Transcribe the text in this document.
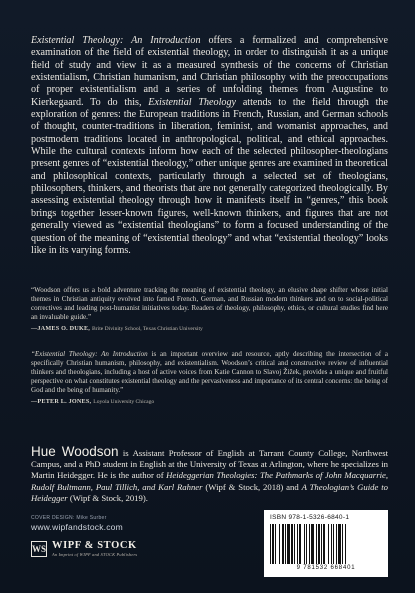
Existential Theology: An Introduction offers a formalized and comprehensive examination of the field of existential theology, in order to distinguish it as a unique field of study and view it as a measured synthesis of the concerns of Christian existentialism, Christian humanism, and Christian philosophy with the preoccupations of proper existentialism and a series of unfolding themes from Augustine to Kierkegaard. To do this, Existential Theology attends to the field through the exploration of genres: the European traditions in French, Russian, and German schools of thought, counter-traditions in liberation, feminist, and womanist approaches, and postmodern traditions located in anthropological, political, and ethical approaches. While the cultural contexts inform how each of the selected philosopher-theologians present genres of “existential theology,” other unique genres are examined in theoretical and philosophical contexts, particularly through a selected set of theologians, philosophers, thinkers, and theorists that are not generally categorized theologically. By assessing existential theology through how it manifests itself in “genres,” this book brings together lesser-known figures, well-known thinkers, and figures that are not generally viewed as “existential theologians” to form a focused understanding of the question of the meaning of “existential theology” and what “existential theology” looks like in its varying forms.

“Woodson offers us a bold adventure tracking the meaning of existential theology, an elusive shape shifter whose initial themes in Christian antiquity evolved into famed French, German, and Russian modern thinkers and on to social-political correctives and leading post-humanist initiatives today. Readers of theology, philosophy, ethics, or cultural studies find here an invaluable guide.”

—JAMES O. DUKE, Brite Divinity School, Texas Christian University

“Existential Theology: An Introduction is an important overview and resource, aptly describing the intersection of a specifically Christian humanism, philosophy, and existentialism. Woodson’s critical and constructive review of influential thinkers and theologians, including a host of active voices from Katie Cannon to Slavoj Žižek, provides a unique and fruitful perspective on what constitutes existential theology and the pervasiveness and importance of its central concerns: the being of God and the being of humanity.”

—PETER L. JONES, Loyola University Chicago

Hue Woodson is Assistant Professor of English at Tarrant County College, Northwest Campus, and a PhD student in English at the University of Texas at Arlington, where he specializes in Martin Heidegger. He is the author of Heideggerian Theologies: The Pathmarks of John Macquarrie, Rudolf Bultmann, Paul Tillich, and Karl Rahner (Wipf & Stock, 2018) and A Theologian’s Guide to Heidegger (Wipf & Stock, 2019).

COVER DESIGN: Mike Surber
www.wipfandstock.com
WS WIPF & STOCK
An Imprint of WIPF and STOCK Publishers
ISBN 978-1-5326-6840-1
9 781532 668401
